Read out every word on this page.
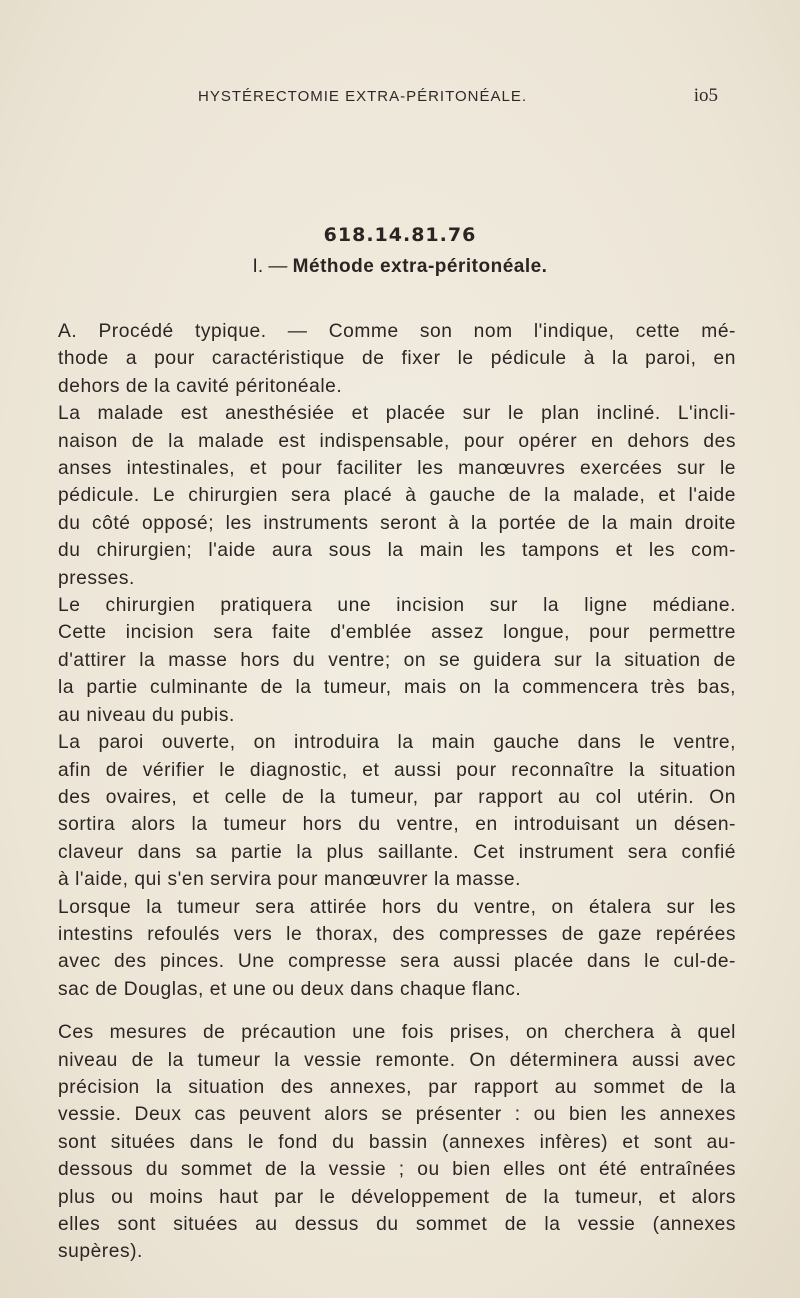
HYSTÉRECTOMIE EXTRA-PÉRITONÉALE.	io5
618.14.81.76
I. — Méthode extra-péritonéale.
A. Procédé typique. — Comme son nom l'indique, cette mé-
thode a pour caractéristique de fixer le pédicule à la paroi, en
dehors de la cavité péritonéale.
La malade est anesthésiée et placée sur le plan incliné. L'incli-
naison de la malade est indispensable, pour opérer en dehors des
anses intestinales, et pour faciliter les manœuvres exercées sur le
pédicule. Le chirurgien sera placé à gauche de la malade, et l'aide
du côté opposé; les instruments seront à la portée de la main droite
du chirurgien; l'aide aura sous la main les tampons et les com-
presses.
Le chirurgien pratiquera une incision sur la ligne médiane.
Cette incision sera faite d'emblée assez longue, pour permettre
d'attirer la masse hors du ventre; on se guidera sur la situation de
la partie culminante de la tumeur, mais on la commencera très bas,
au niveau du pubis.
La paroi ouverte, on introduira la main gauche dans le ventre,
afin de vérifier le diagnostic, et aussi pour reconnaître la situation
des ovaires, et celle de la tumeur, par rapport au col utérin. On
sortira alors la tumeur hors du ventre, en introduisant un désen-
claveur dans sa partie la plus saillante. Cet instrument sera confié
à l'aide, qui s'en servira pour manœuvrer la masse.
Lorsque la tumeur sera attirée hors du ventre, on étalera sur les
intestins refoulés vers le thorax, des compresses de gaze repérées
avec des pinces. Une compresse sera aussi placée dans le cul-de-
sac de Douglas, et une ou deux dans chaque flanc.
Ces mesures de précaution une fois prises, on cherchera à quel
niveau de la tumeur la vessie remonte. On déterminera aussi avec
précision la situation des annexes, par rapport au sommet de la
vessie. Deux cas peuvent alors se présenter : ou bien les annexes
sont situées dans le fond du bassin (annexes infères) et sont au-
dessous du sommet de la vessie ; ou bien elles ont été entraînées
plus ou moins haut par le développement de la tumeur, et alors
elles sont situées au dessus du sommet de la vessie (annexes
supères).
